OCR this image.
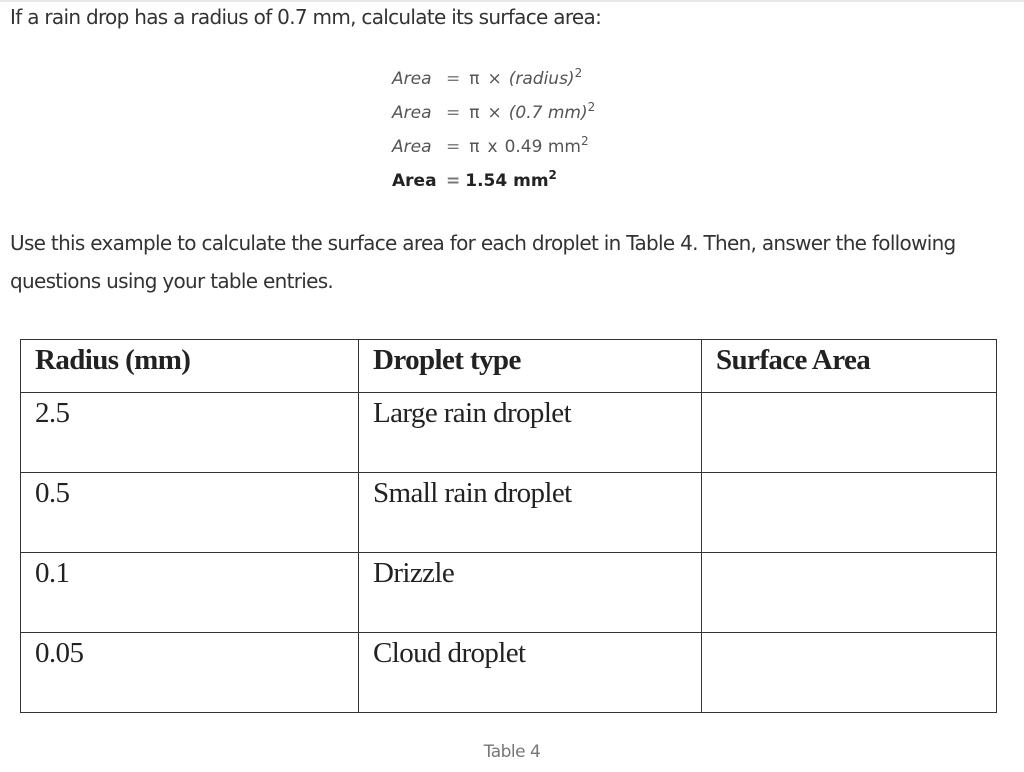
If a rain drop has a radius of 0.7 mm, calculate its surface area:
Area = π × (radius)$^2$
Area = π × (0.7 mm)$^2$
Area = π x 0.49 $mm^2$
Area = 1.54 $mm^2$
Use this example to calculate the surface area for each droplet in Table 4. Then, answer the following questions using your table entries.
Radius (mm)	Droplet type	Surface Area
2.5	Large rain droplet	
0.5	Small rain droplet	
0.1	Drizzle	
0.05	Cloud droplet	
Table 4
